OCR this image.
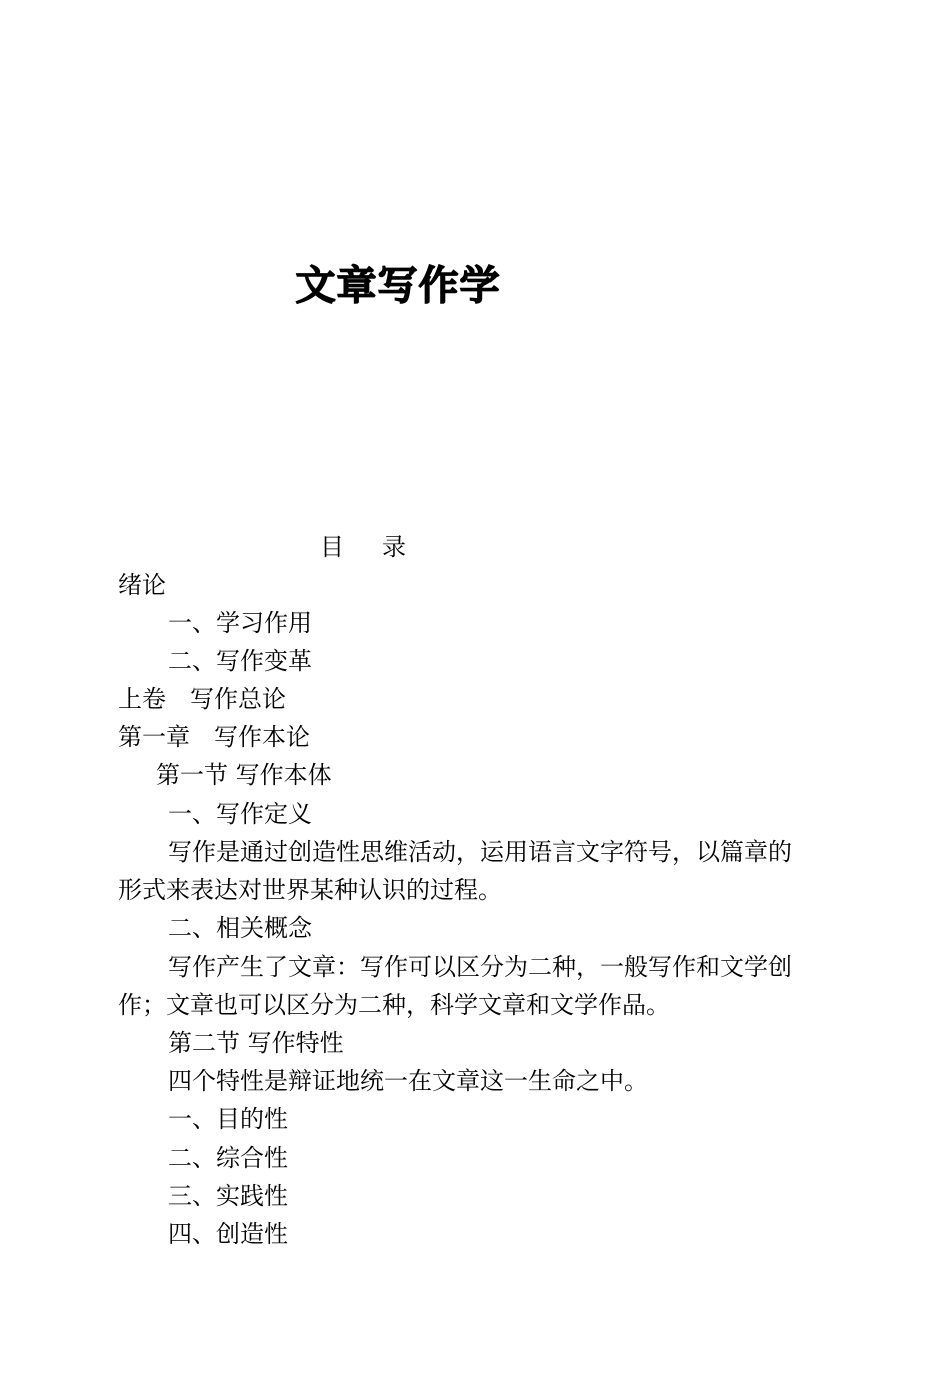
文章写作学
目 录
绪论
一、学习作用
二、写作变革
上卷　写作总论
第一章　写作本论
第一节 写作本体
一、写作定义
写作是通过创造性思维活动，运用语言文字符号，以篇章的
形式来表达对世界某种认识的过程。
二、相关概念
写作产生了文章：写作可以区分为二种，一般写作和文学创
作；文章也可以区分为二种，科学文章和文学作品。
第二节 写作特性
四个特性是辩证地统一在文章这一生命之中。
一、目的性
二、综合性
三、实践性
四、创造性
